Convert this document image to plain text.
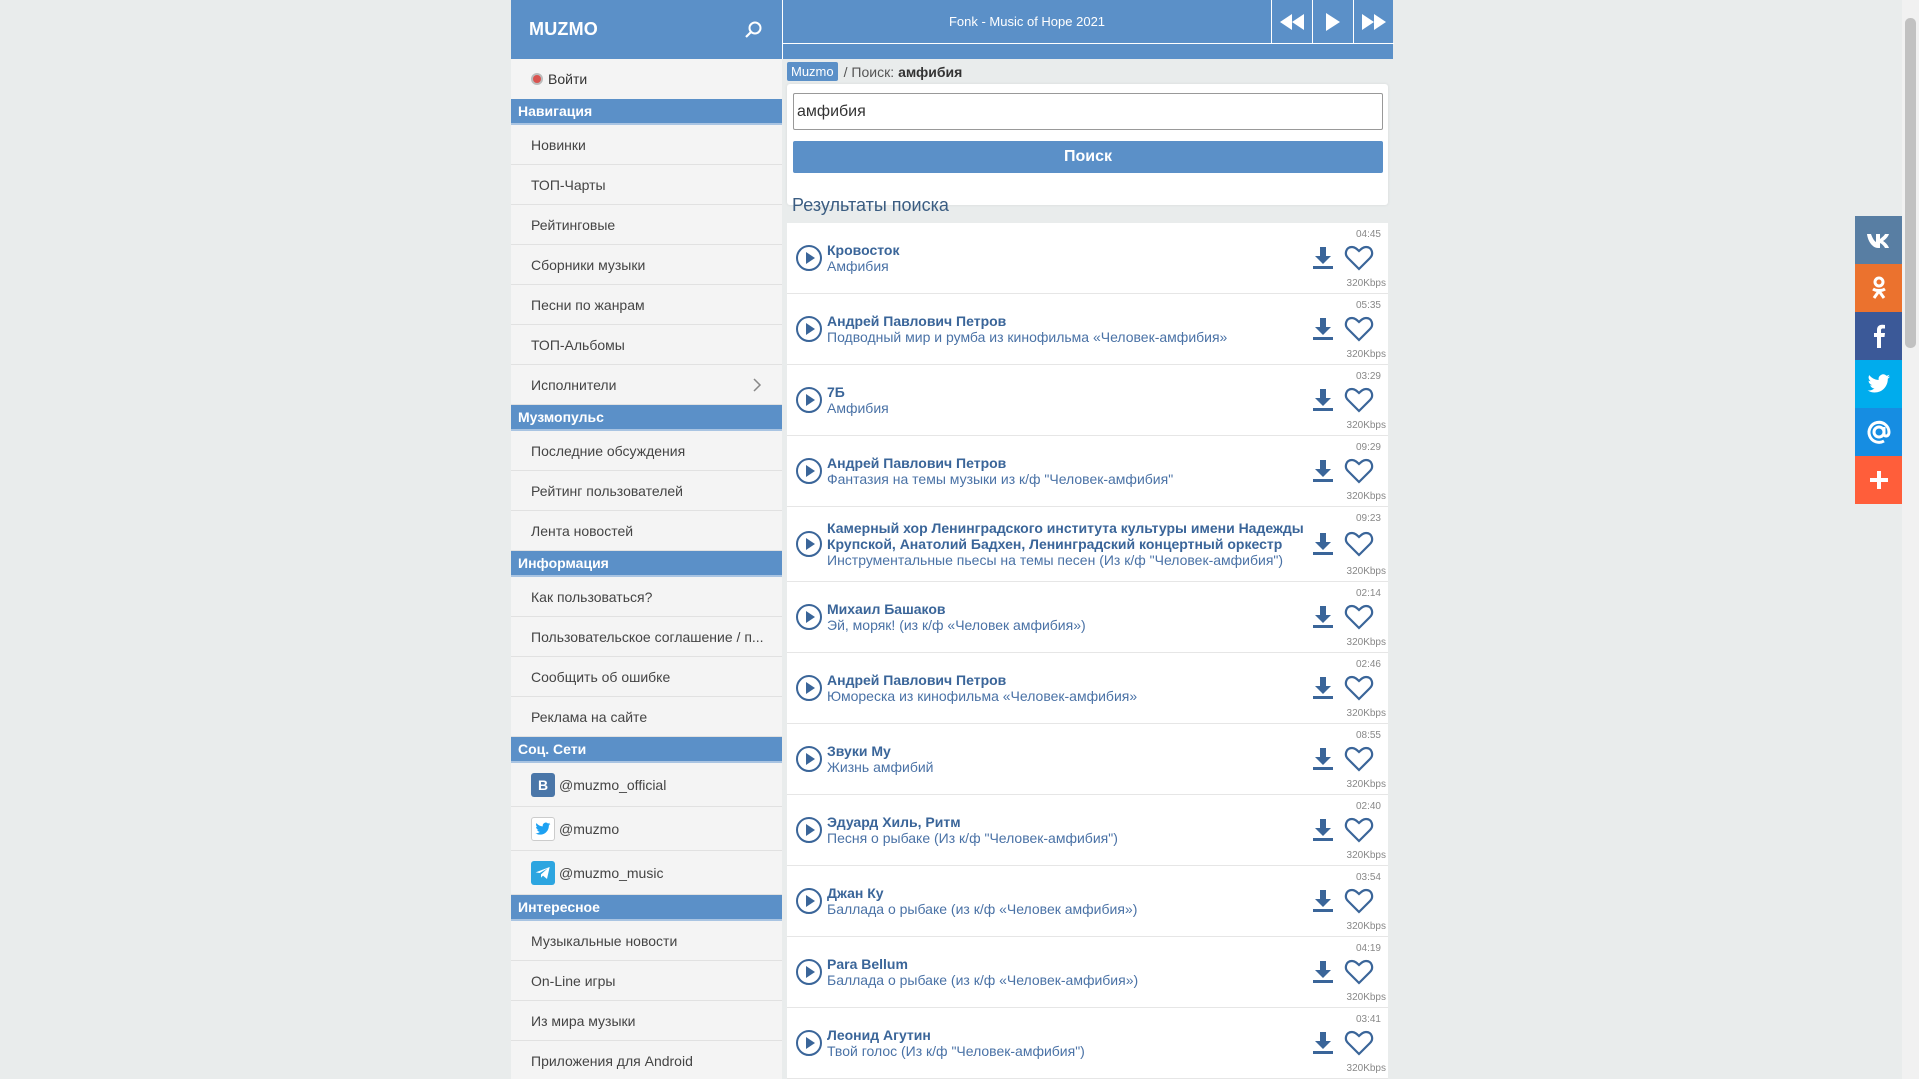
MUZMO
Войти
Навигация
Новинки
ТОП-Чарты
Рейтинговые
Сборники музыки
Песни по жанрам
ТОП-Альбомы
Исполнители
Музмопульс
Последние обсуждения
Рейтинг пользователей
Лента новостей
Информация
Как пользоваться?
Пользовательское соглашение / п...
Сообщить об ошибке
Реклама на сайте
Соц. Сети
B @muzmo_official
@muzmo
@muzmo_music
Интересное
Музыкальные новости
On-Line игры
Из мира музыки
Приложения для Android
Fonk - Music of Hope 2021
Muzmo / Поиск: амфибия
амфибия
Поиск
Результаты поиска
Кровосток
Амфибия
04:45
320Kbps
Андрей Павлович Петров
Подводный мир и румба из кинофильма «Человек-амфибия»
05:35
320Kbps
7Б
Амфибия
03:29
320Kbps
Андрей Павлович Петров
Фантазия на темы музыки из к/ф "Человек-амфибия"
09:29
320Kbps
Камерный хор Ленинградского института культуры имени Надежды Крупской, Анатолий Бадхен, Ленинградский концертный оркестр
Инструментальные пьесы на темы песен (Из к/ф "Человек-амфибия")
09:23
320Kbps
Михаил Башаков
Эй, моряк! (из к/ф «Человек амфибия»)
02:14
320Kbps
Андрей Павлович Петров
Юмореска из кинофильма «Человек-амфибия»
02:46
320Kbps
Звуки Му
Жизнь амфибий
08:55
320Kbps
Эдуард Хиль, Ритм
Песня о рыбаке (Из к/ф "Человек-амфибия")
02:40
320Kbps
Джан Ку
Баллада о рыбаке (из к/ф «Человек амфибия»)
03:54
320Kbps
Para Bellum
Баллада о рыбаке (из к/ф «Человек-амфибия»)
04:19
320Kbps
Леонид Агутин
Твой голос (Из к/ф "Человек-амфибия")
03:41
320Kbps
